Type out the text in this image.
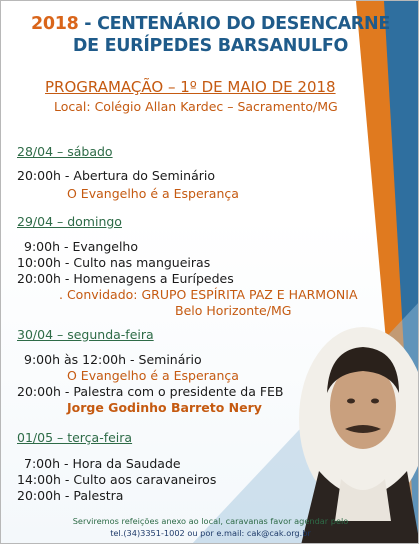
2018 - CENTENÁRIO DO DESENCARNE
DE EURÍPEDES BARSANULFO
PROGRAMAÇÃO – 1º DE MAIO DE 2018
Local: Colégio Allan Kardec – Sacramento/MG
28/04 – sábado
20:00h - Abertura do Seminário
O Evangelho é a Esperança
29/04 – domingo
9:00h - Evangelho
10:00h - Culto nas mangueiras
20:00h - Homenagens a Eurípedes
. Convidado: GRUPO ESPÍRITA PAZ E HARMONIA
Belo Horizonte/MG
30/04 – segunda-feira
9:00h às 12:00h - Seminário
O Evangelho é a Esperança
20:00h - Palestra com o presidente da FEB
Jorge Godinho Barreto Nery
01/05 – terça-feira
7:00h - Hora da Saudade
14:00h - Culto aos caravaneiros
20:00h - Palestra
Serviremos refeições anexo ao local, caravanas favor agendar pelo
tel.(34)3351-1002 ou por e.mail: cak@cak.org.br
